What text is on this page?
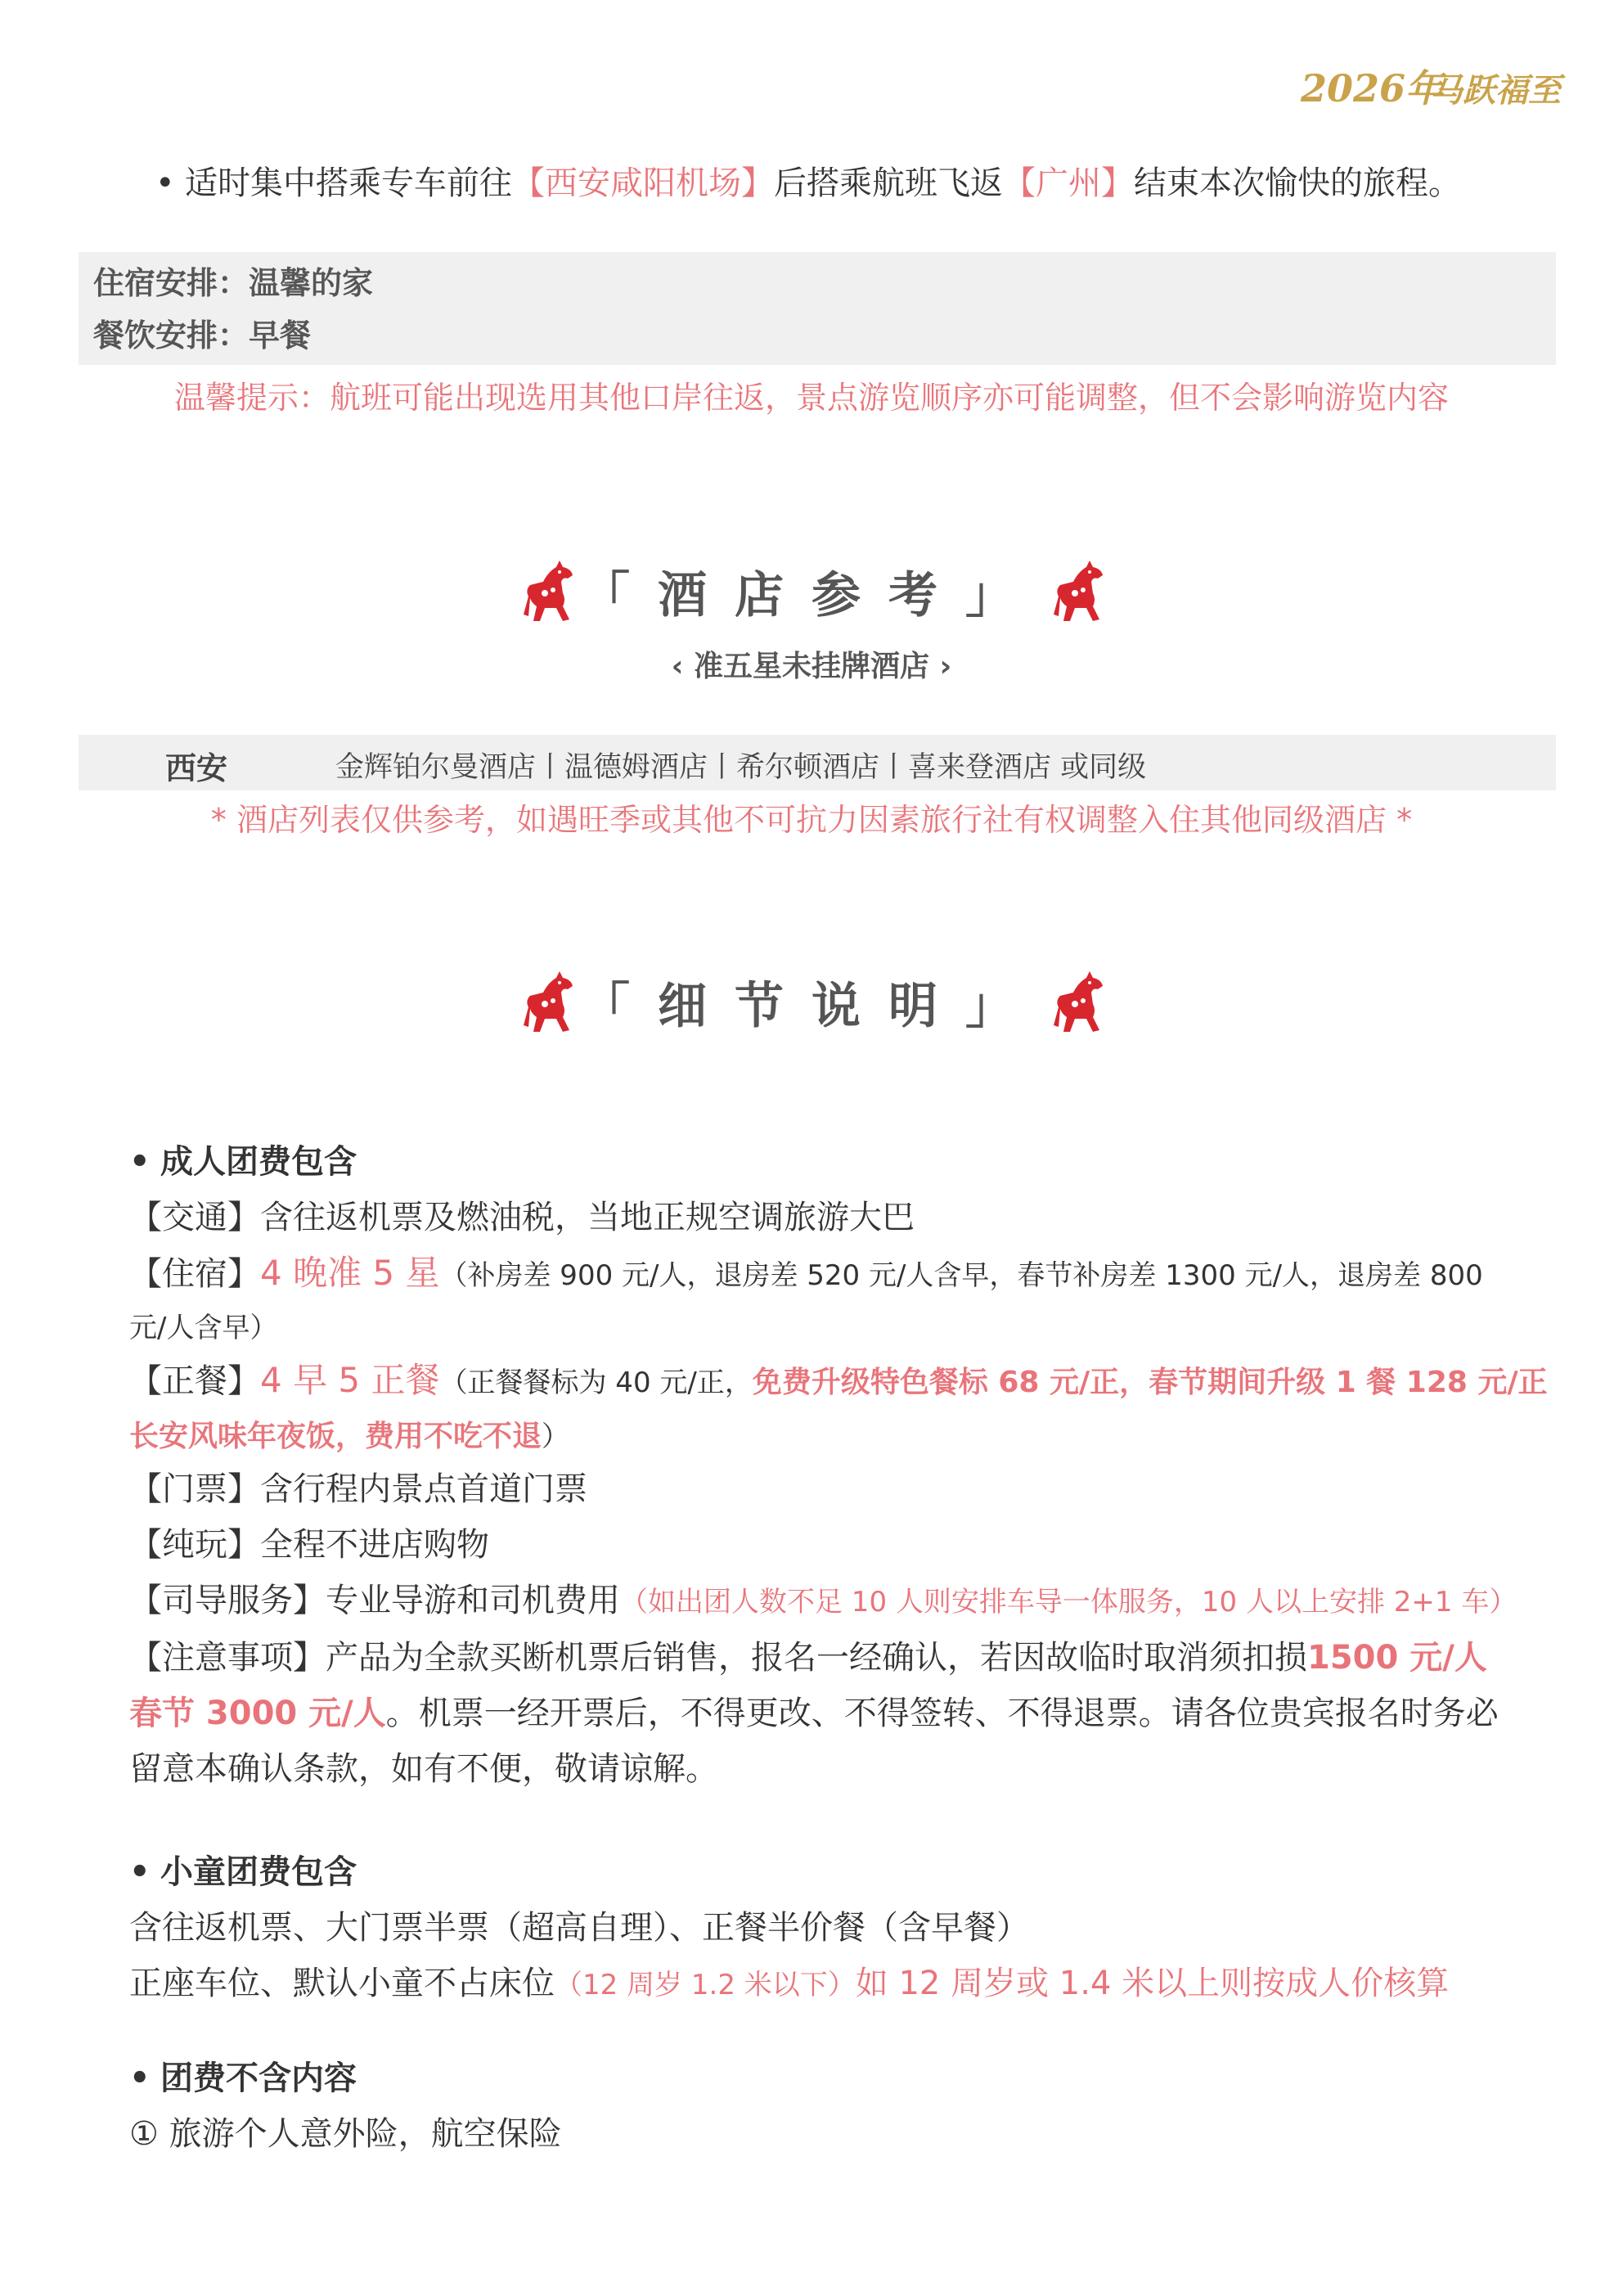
2026年
马跃福至
• 适时集中搭乘专车前往【西安咸阳机场】后搭乘航班飞返【广州】结束本次愉快的旅程。
住宿安排：温馨的家
餐饮安排：早餐
温馨提示：航班可能出现选用其他口岸往返，景点游览顺序亦可能调整，但不会影响游览内容
「酒店参考」
‹ 准五星未挂牌酒店 ›
西安	金辉铂尔曼酒店丨温德姆酒店丨希尔顿酒店丨喜来登酒店 或同级
* 酒店列表仅供参考，如遇旺季或其他不可抗力因素旅行社有权调整入住其他同级酒店 *
「细节说明」
• 成人团费包含
【交通】含往返机票及燃油税，当地正规空调旅游大巴
【住宿】4 晚准 5 星（补房差 900 元/人，退房差 520 元/人含早，春节补房差 1300 元/人，退房差 800
元/人含早）
【正餐】4 早 5 正餐（正餐餐标为 40 元/正，免费升级特色餐标 68 元/正，春节期间升级 1 餐 128 元/正
长安风味年夜饭，费用不吃不退）
【门票】含行程内景点首道门票
【纯玩】全程不进店购物
【司导服务】专业导游和司机费用（如出团人数不足 10 人则安排车导一体服务，10 人以上安排 2+1 车）
【注意事项】产品为全款买断机票后销售，报名一经确认，若因故临时取消须扣损1500 元/人
春节 3000 元/人。机票一经开票后，不得更改、不得签转、不得退票。请各位贵宾报名时务必
留意本确认条款，如有不便，敬请谅解。
• 小童团费包含
含往返机票、大门票半票（超高自理）、正餐半价餐（含早餐）
正座车位、默认小童不占床位（12 周岁 1.2 米以下）如 12 周岁或 1.4 米以上则按成人价核算
• 团费不含内容
① 旅游个人意外险，航空保险
